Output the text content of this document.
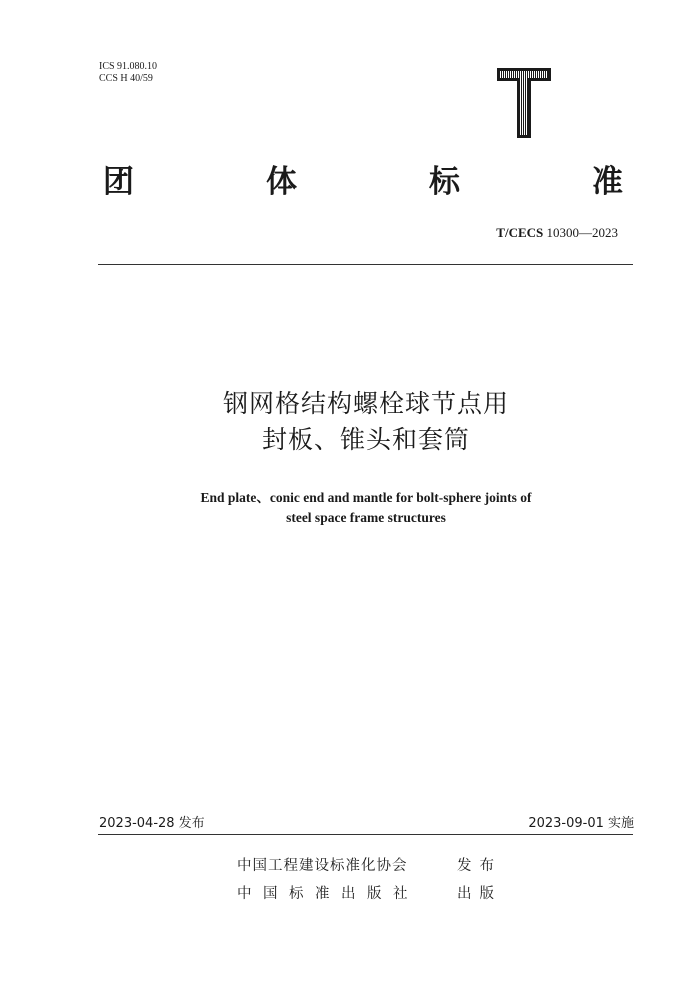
ICS 91.080.10
CCS H 40/59
团	体	标	准
T/CECS 10300—2023
钢网格结构螺栓球节点用
封板、锥头和套筒
End plate、conic end and mantle for bolt-sphere joints of
steel space frame structures
2023-04-28 发布	2023-09-01 实施
中国工程建设标准化协会	发布
中国标准出版社	出版
